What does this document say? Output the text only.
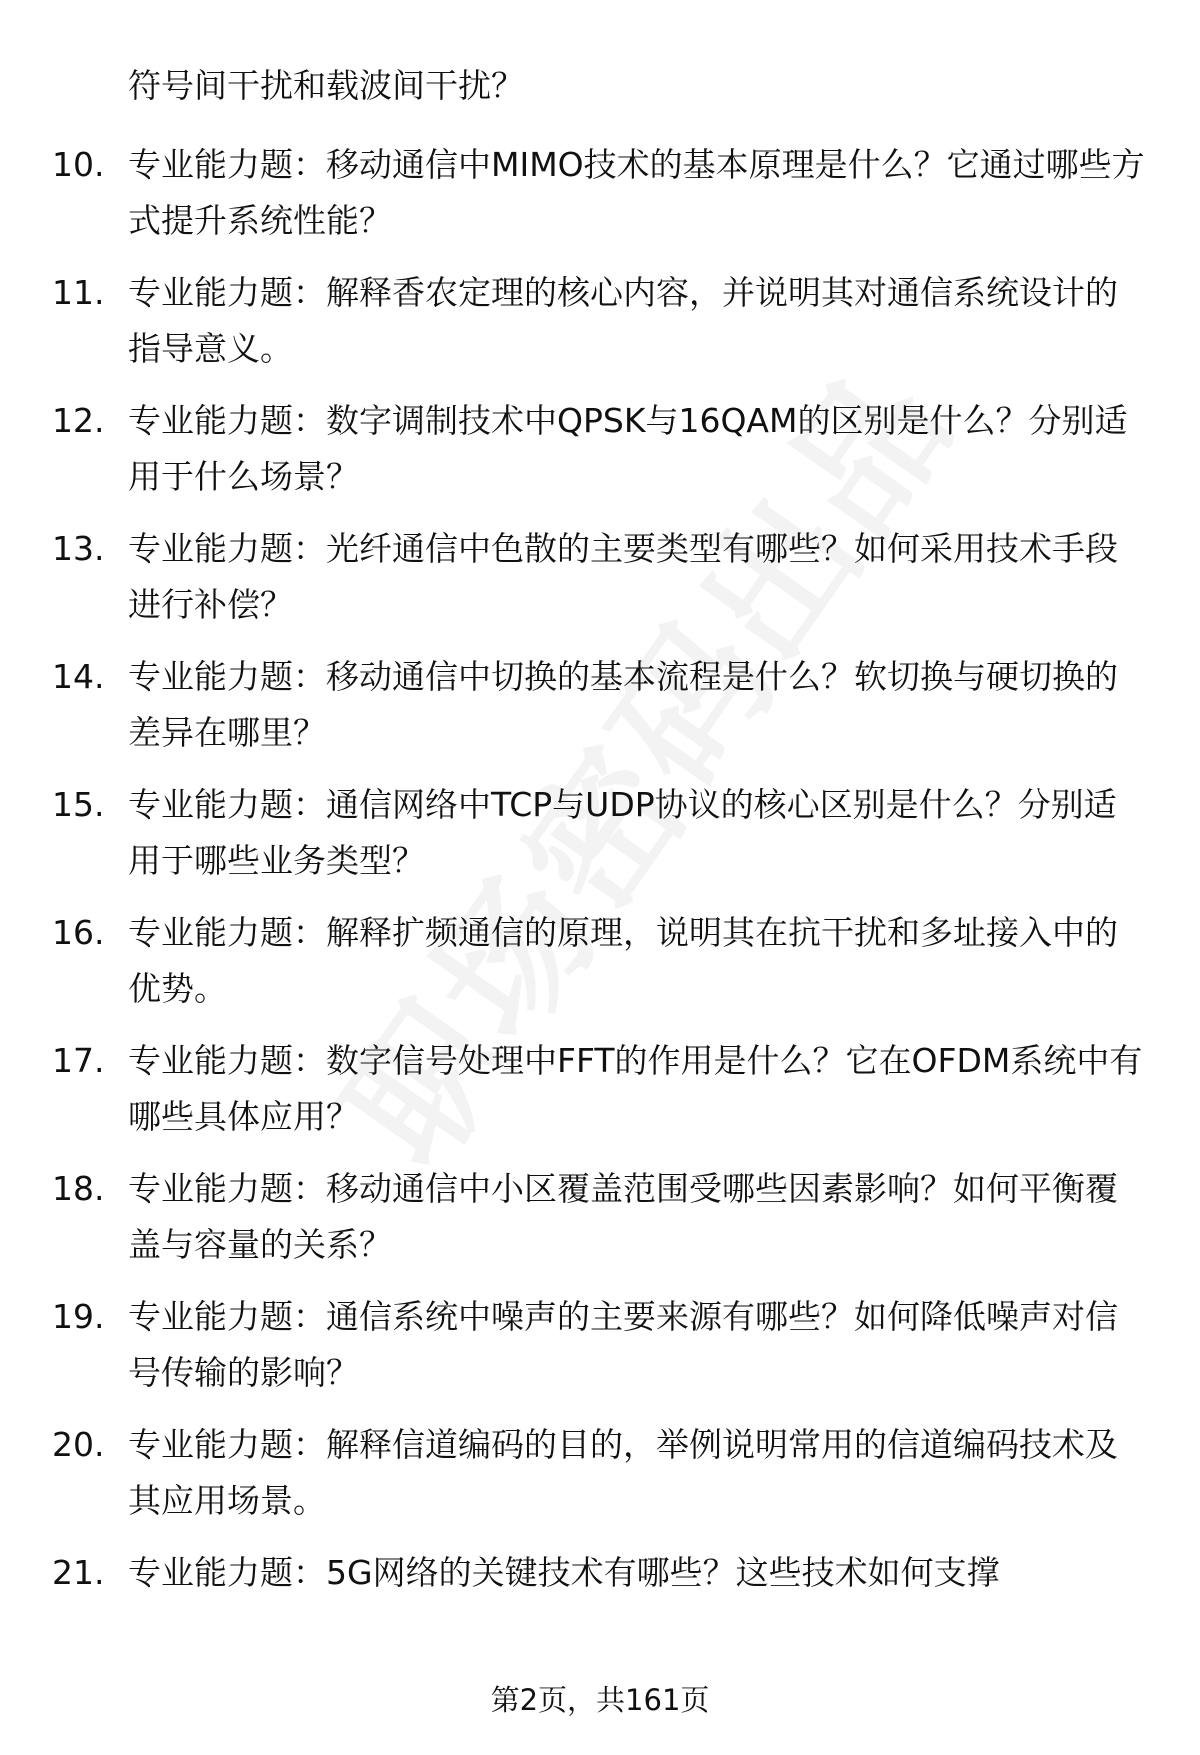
符号间干扰和载波间干扰？
10. 专业能力题：移动通信中MIMO技术的基本原理是什么？它通过哪些方式提升系统性能？
11. 专业能力题：解释香农定理的核心内容，并说明其对通信系统设计的指导意义。
12. 专业能力题：数字调制技术中QPSK与16QAM的区别是什么？分别适用于什么场景？
13. 专业能力题：光纤通信中色散的主要类型有哪些？如何采用技术手段进行补偿？
14. 专业能力题：移动通信中切换的基本流程是什么？软切换与硬切换的差异在哪里？
15. 专业能力题：通信网络中TCP与UDP协议的核心区别是什么？分别适用于哪些业务类型？
16. 专业能力题：解释扩频通信的原理，说明其在抗干扰和多址接入中的优势。
17. 专业能力题：数字信号处理中FFT的作用是什么？它在OFDM系统中有哪些具体应用？
18. 专业能力题：移动通信中小区覆盖范围受哪些因素影响？如何平衡覆盖与容量的关系？
19. 专业能力题：通信系统中噪声的主要来源有哪些？如何降低噪声对信号传输的影响？
20. 专业能力题：解释信道编码的目的，举例说明常用的信道编码技术及其应用场景。
21. 专业能力题：5G网络的关键技术有哪些？这些技术如何支撑
第2页，共161页
